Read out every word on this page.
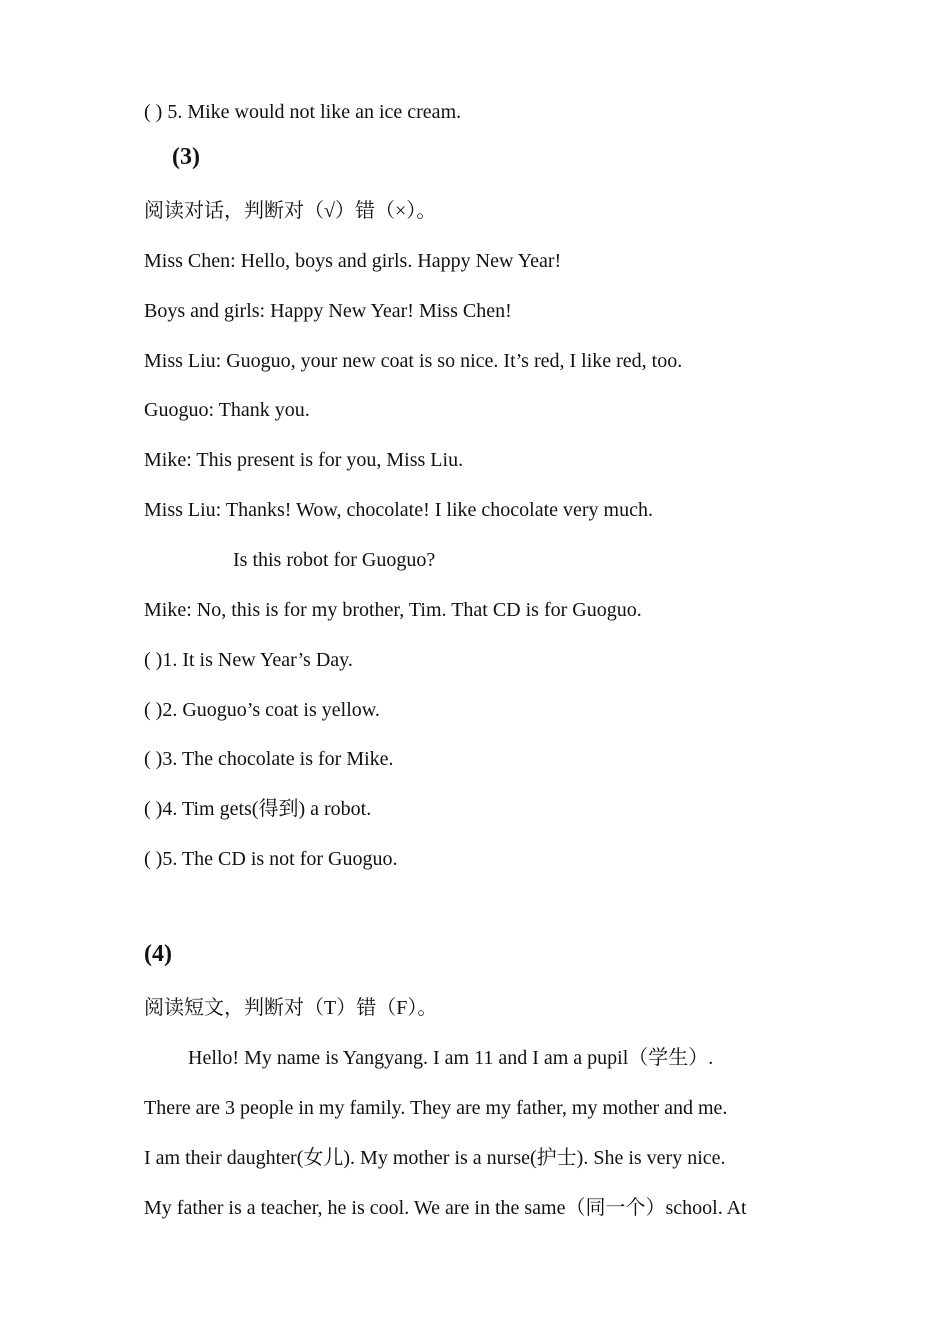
( ) 5. Mike would not like an ice cream.
(3)
阅读对话，判断对（√）错（×）。
Miss Chen: Hello, boys and girls. Happy New Year!
Boys and girls: Happy New Year! Miss Chen!
Miss Liu: Guoguo, your new coat is so nice. It’s red, I like red, too.
Guoguo: Thank you.
Mike: This present is for you, Miss Liu.
Miss Liu: Thanks! Wow, chocolate! I like chocolate very much.
Is this robot for Guoguo?
Mike: No, this is for my brother, Tim. That CD is for Guoguo.
( )1. It is New Year’s Day.
( )2. Guoguo’s coat is yellow.
( )3. The chocolate is for Mike.
( )4. Tim gets(得到) a robot.
( )5. The CD is not for Guoguo.
(4)
阅读短文，判断对（T）错（F）。
Hello! My name is Yangyang. I am 11 and I am a pupil（学生）.
There are 3 people in my family. They are my father, my mother and me.
I am their daughter(女儿). My mother is a nurse(护士). She is very nice.
My father is a teacher, he is cool. We are in the same（同一个）school. At
